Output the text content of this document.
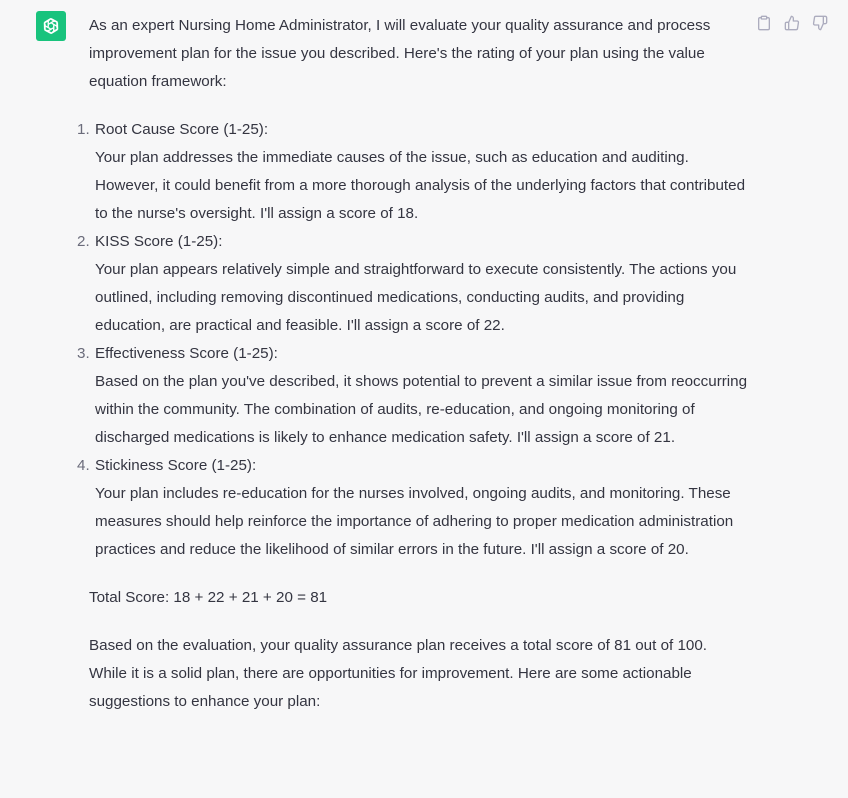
As an expert Nursing Home Administrator, I will evaluate your quality assurance and process improvement plan for the issue you described. Here's the rating of your plan using the value equation framework:

1. Root Cause Score (1-25):
Your plan addresses the immediate causes of the issue, such as education and auditing. However, it could benefit from a more thorough analysis of the underlying factors that contributed to the nurse's oversight. I'll assign a score of 18.
2. KISS Score (1-25):
Your plan appears relatively simple and straightforward to execute consistently. The actions you outlined, including removing discontinued medications, conducting audits, and providing education, are practical and feasible. I'll assign a score of 22.
3. Effectiveness Score (1-25):
Based on the plan you've described, it shows potential to prevent a similar issue from reoccurring within the community. The combination of audits, re-education, and ongoing monitoring of discharged medications is likely to enhance medication safety. I'll assign a score of 21.
4. Stickiness Score (1-25):
Your plan includes re-education for the nurses involved, ongoing audits, and monitoring. These measures should help reinforce the importance of adhering to proper medication administration practices and reduce the likelihood of similar errors in the future. I'll assign a score of 20.

Total Score: 18 + 22 + 21 + 20 = 81

Based on the evaluation, your quality assurance plan receives a total score of 81 out of 100. While it is a solid plan, there are opportunities for improvement. Here are some actionable suggestions to enhance your plan:
